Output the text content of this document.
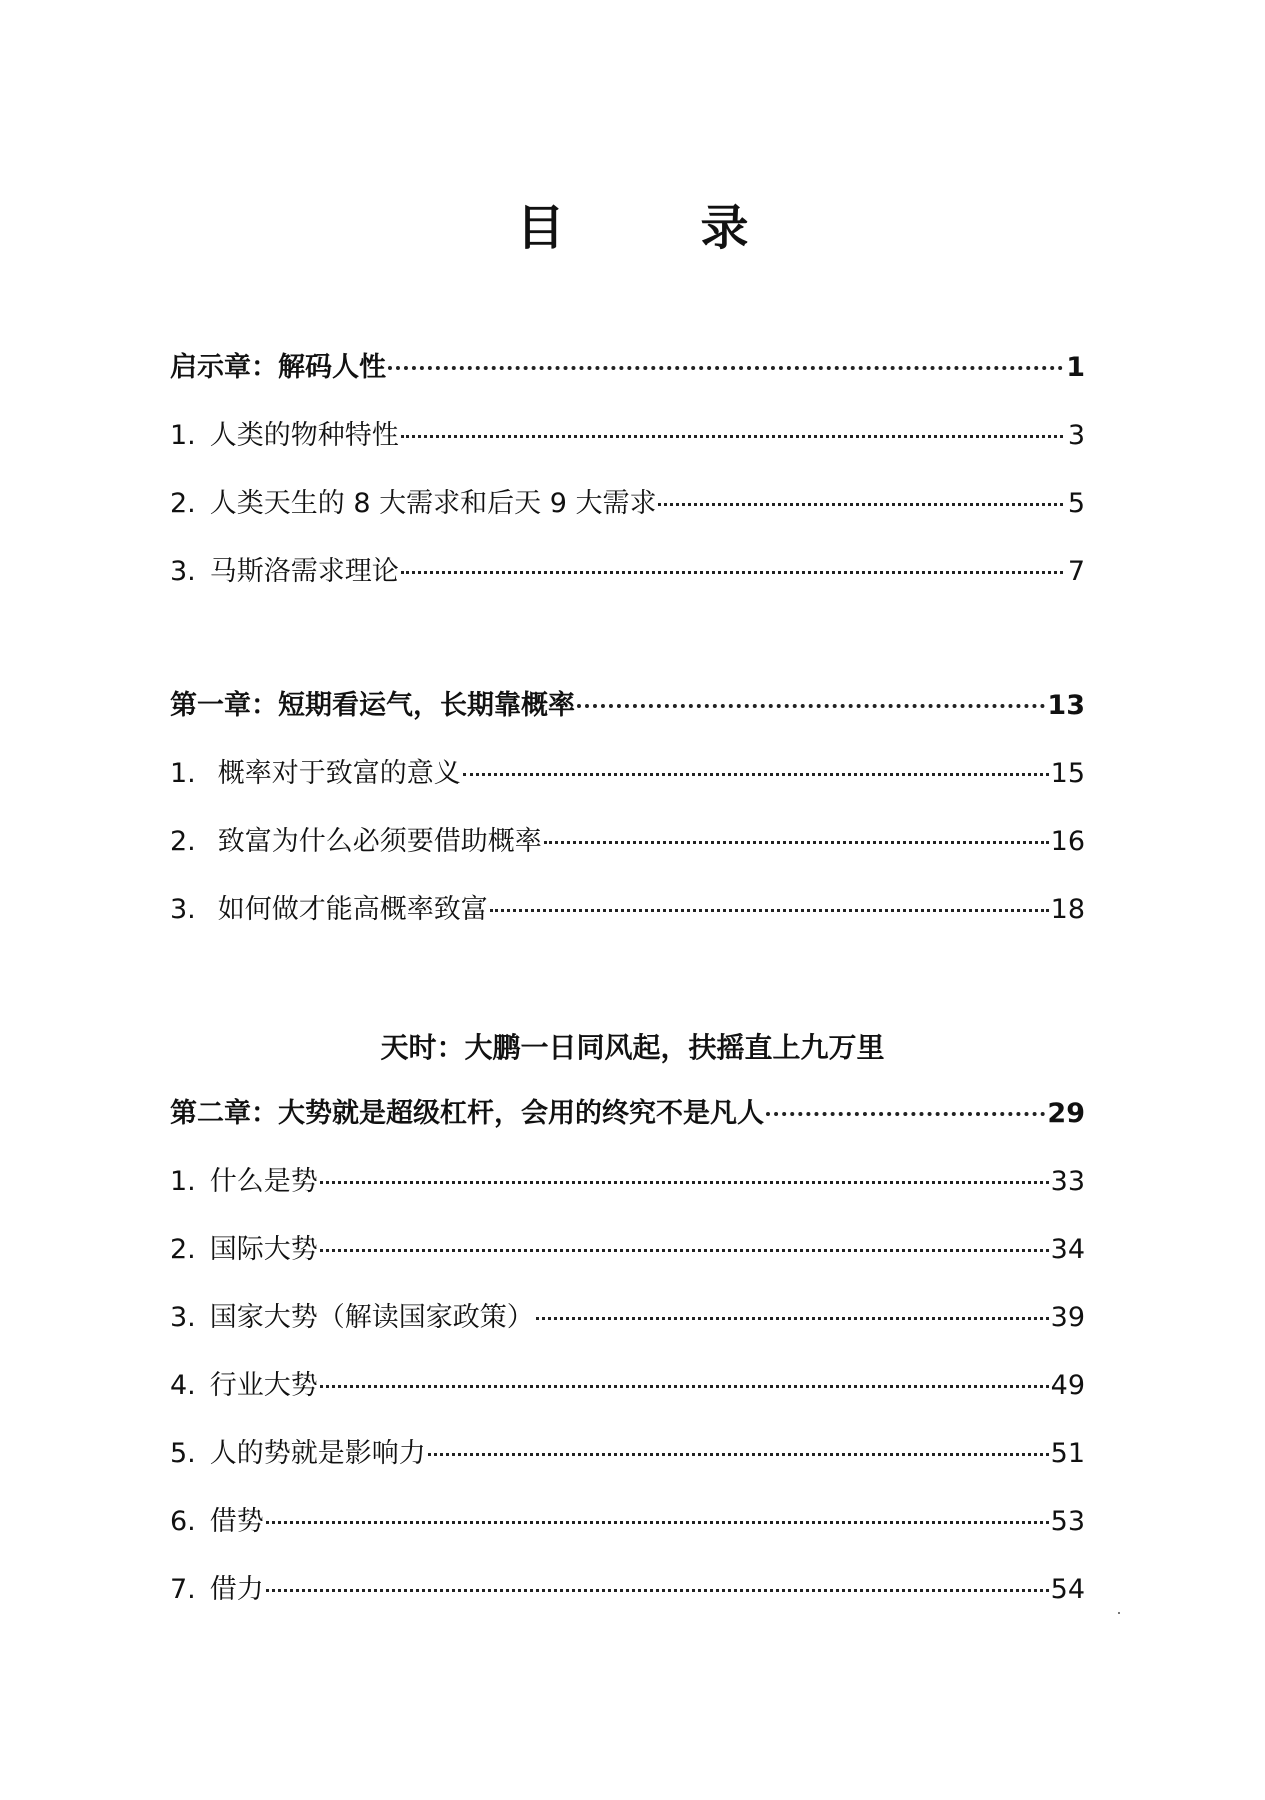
目　录
启示章：解码人性	1
1. 人类的物种特性	3
2. 人类天生的 8 大需求和后天 9 大需求	5
3. 马斯洛需求理论	7
第一章：短期看运气，长期靠概率	13
1. 概率对于致富的意义	15
2. 致富为什么必须要借助概率	16
3. 如何做才能高概率致富	18
天时：大鹏一日同风起，扶摇直上九万里
第二章：大势就是超级杠杆，会用的终究不是凡人	29
1. 什么是势	33
2. 国际大势	34
3. 国家大势（解读国家政策）	39
4. 行业大势	49
5. 人的势就是影响力	51
6. 借势	53
7. 借力	54
